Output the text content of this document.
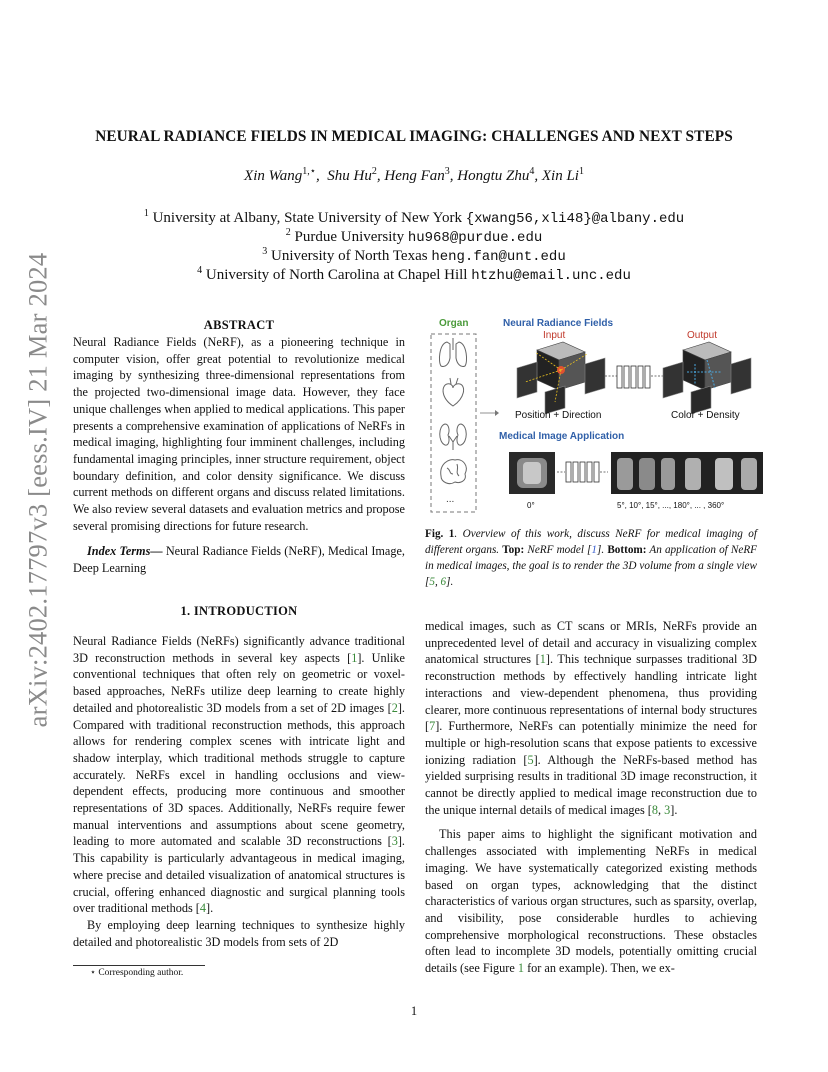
arXiv:2402.17797v3 [eess.IV] 21 Mar 2024
NEURAL RADIANCE FIELDS IN MEDICAL IMAGING: CHALLENGES AND NEXT STEPS
Xin Wang$^{1,⋆}$,  Shu Hu$^2$, Heng Fan$^3$, Hongtu Zhu$^4$, Xin Li$^1$
$^1$ University at Albany, State University of New York {xwang56,xli48}@albany.edu
$^2$ Purdue University hu968@purdue.edu
$^3$ University of North Texas heng.fan@unt.edu
$^4$ University of North Carolina at Chapel Hill htzhu@email.unc.edu
ABSTRACT

Neural Radiance Fields (NeRF), as a pioneering technique in computer vision, offer great potential to revolutionize medical imaging by synthesizing three-dimensional representations from the projected two-dimensional image data. However, they face unique challenges when applied to medical applications. This paper presents a comprehensive examination of applications of NeRFs in medical imaging, highlighting four imminent challenges, including fundamental imaging principles, inner structure requirement, object boundary definition, and color density significance. We discuss current methods on different organs and discuss related limitations. We also review several datasets and evaluation metrics and propose several promising directions for future research.

Index Terms— Neural Radiance Fields (NeRF), Medical Image, Deep Learning

1. INTRODUCTION

Neural Radiance Fields (NeRFs) significantly advance traditional 3D reconstruction methods in several key aspects [1]. Unlike conventional techniques that often rely on geometric or voxel-based approaches, NeRFs utilize deep learning to create highly detailed and photorealistic 3D models from a set of 2D images [2]. Compared with traditional reconstruction methods, this approach allows for rendering complex scenes with intricate light and shadow interplay, which traditional methods struggle to capture accurately. NeRFs excel in handling occlusions and view-dependent effects, producing more continuous and smoother representations of 3D spaces. Additionally, NeRFs require fewer manual interventions and assumptions about scene geometry, leading to more automated and scalable 3D reconstructions [3]. This capability is particularly advantageous in medical imaging, where precise and detailed visualization of anatomical structures is crucial, offering enhanced diagnostic and surgical planning tools over traditional methods [4].

By employing deep learning techniques to synthesize highly detailed and photorealistic 3D models from sets of 2D

Organ
...
Neural Radiance Fields
Input	Output
Position + Direction	Color + Density
Medical Image Application
0°	5°, 10°, 15°, ..., 180°, ... , 360°
Fig. 1. Overview of this work, discuss NeRF for medical imaging of different organs. Top: NeRF model [1]. Bottom: An application of NeRF in medical images, the goal is to render the 3D volume from a single view [5, 6].

medical images, such as CT scans or MRIs, NeRFs provide an unprecedented level of detail and accuracy in visualizing complex anatomical structures [1]. This technique surpasses traditional 3D reconstruction methods by effectively handling intricate light interactions and view-dependent phenomena, thus providing clearer, more continuous representations of internal body structures [7]. Furthermore, NeRFs can potentially minimize the need for multiple or high-resolution scans that expose patients to excessive ionizing radiation [5]. Although the NeRFs-based method has yielded surprising results in traditional 3D image reconstruction, it cannot be directly applied to medical image reconstruction due to the unique internal details of medical images [8, 3].

This paper aims to highlight the significant motivation and challenges associated with implementing NeRFs in medical imaging. We have systematically categorized existing methods based on organ types, acknowledging that the distinct characteristics of various organ structures, such as sparsity, overlap, and visibility, pose considerable hurdles to achieving comprehensive morphological reconstructions. These obstacles often lead to incomplete 3D models, potentially omitting crucial details (see Figure 1 for an example). Then, we ex-

⋆ Corresponding author.
1
